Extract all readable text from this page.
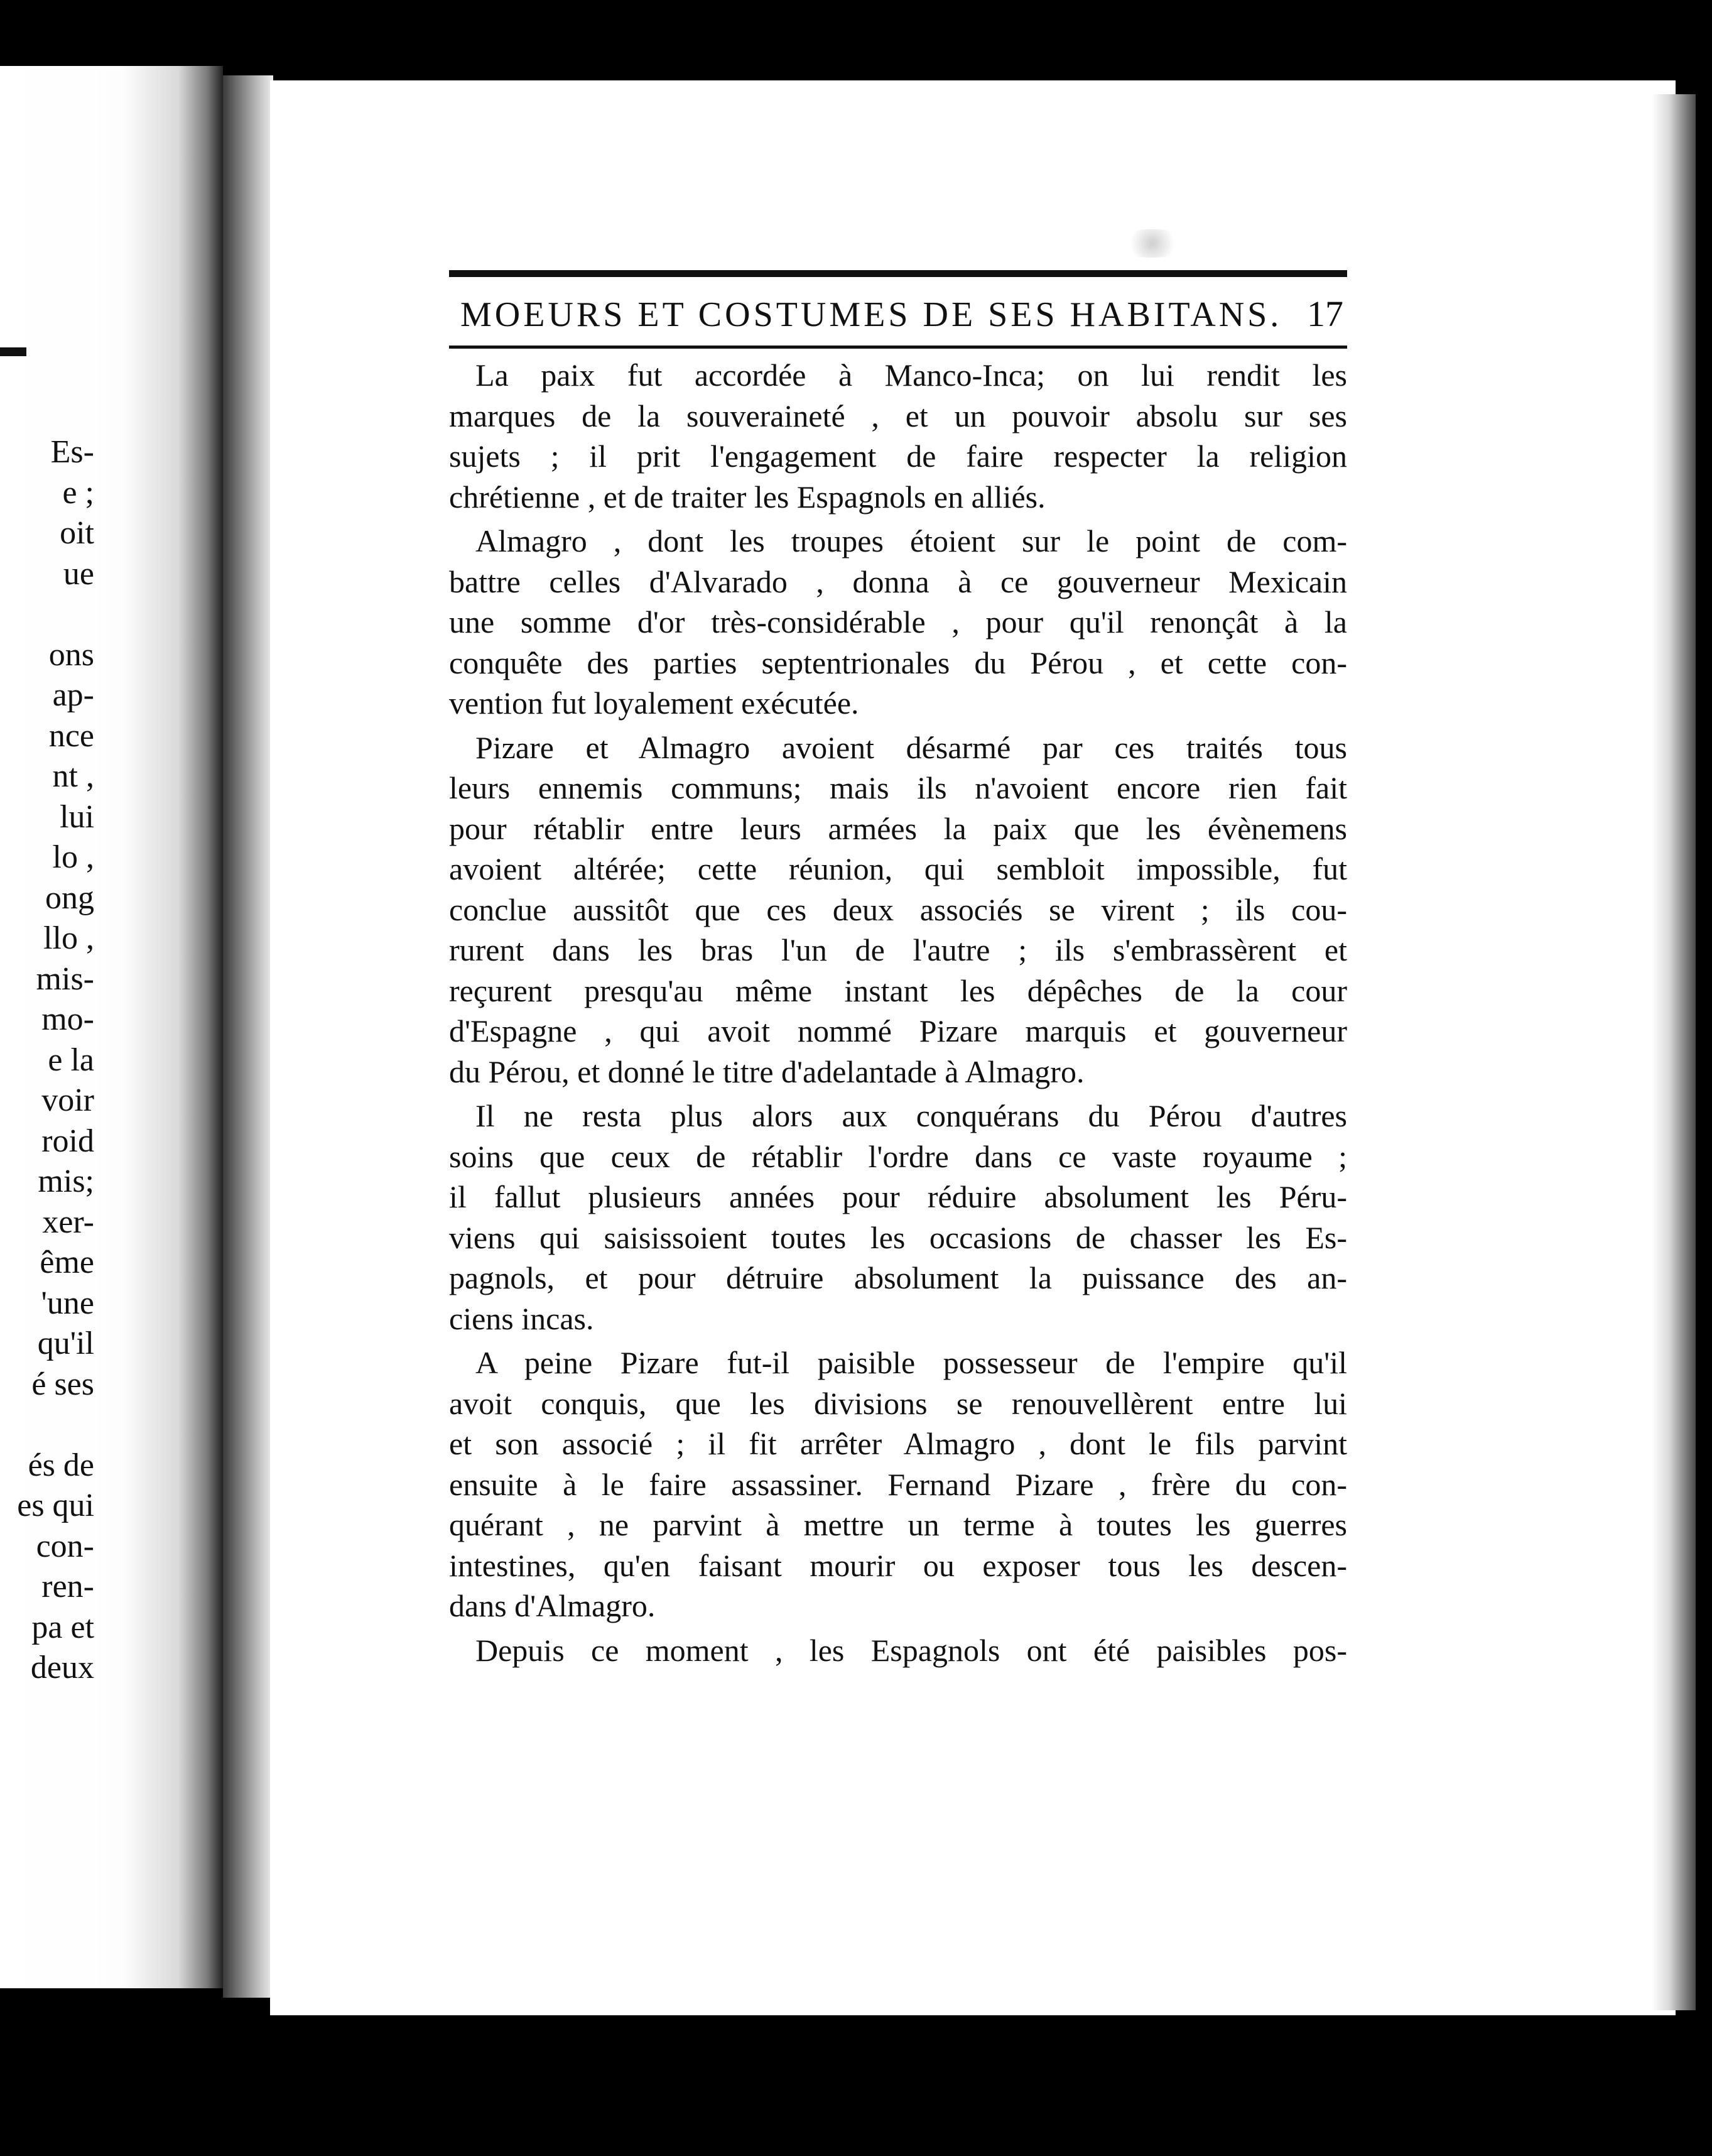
Es-
e ;
oit
ue
ons
ap-
nce
nt ,
lui
lo ,
ong
llo ,
mis-
mo-
e la
voir
roid
mis;
xer-
ême
'une
qu'il
é ses
és de
es qui
con-
ren-
pa et
deux
MOEURS ET COSTUMES DE SES HABITANS. 17
La paix fut accordée à Manco-Inca; on lui rendit les
marques de la souveraineté , et un pouvoir absolu sur ses
sujets ; il prit l'engagement de faire respecter la religion
chrétienne , et de traiter les Espagnols en alliés.
Almagro , dont les troupes étoient sur le point de com-
battre celles d'Alvarado , donna à ce gouverneur Mexicain
une somme d'or très-considérable , pour qu'il renonçât à la
conquête des parties septentrionales du Pérou , et cette con-
vention fut loyalement exécutée.
Pizare et Almagro avoient désarmé par ces traités tous
leurs ennemis communs; mais ils n'avoient encore rien fait
pour rétablir entre leurs armées la paix que les évènemens
avoient altérée; cette réunion, qui sembloit impossible, fut
conclue aussitôt que ces deux associés se virent ; ils cou-
rurent dans les bras l'un de l'autre ; ils s'embrassèrent et
reçurent presqu'au même instant les dépêches de la cour
d'Espagne , qui avoit nommé Pizare marquis et gouverneur
du Pérou, et donné le titre d'adelantade à Almagro.
Il ne resta plus alors aux conquérans du Pérou d'autres
soins que ceux de rétablir l'ordre dans ce vaste royaume ;
il fallut plusieurs années pour réduire absolument les Péru-
viens qui saisissoient toutes les occasions de chasser les Es-
pagnols, et pour détruire absolument la puissance des an-
ciens incas.
A peine Pizare fut-il paisible possesseur de l'empire qu'il
avoit conquis, que les divisions se renouvellèrent entre lui
et son associé ; il fit arrêter Almagro , dont le fils parvint
ensuite à le faire assassiner. Fernand Pizare , frère du con-
quérant , ne parvint à mettre un terme à toutes les guerres
intestines, qu'en faisant mourir ou exposer tous les descen-
dans d'Almagro.
Depuis ce moment , les Espagnols ont été paisibles pos-
